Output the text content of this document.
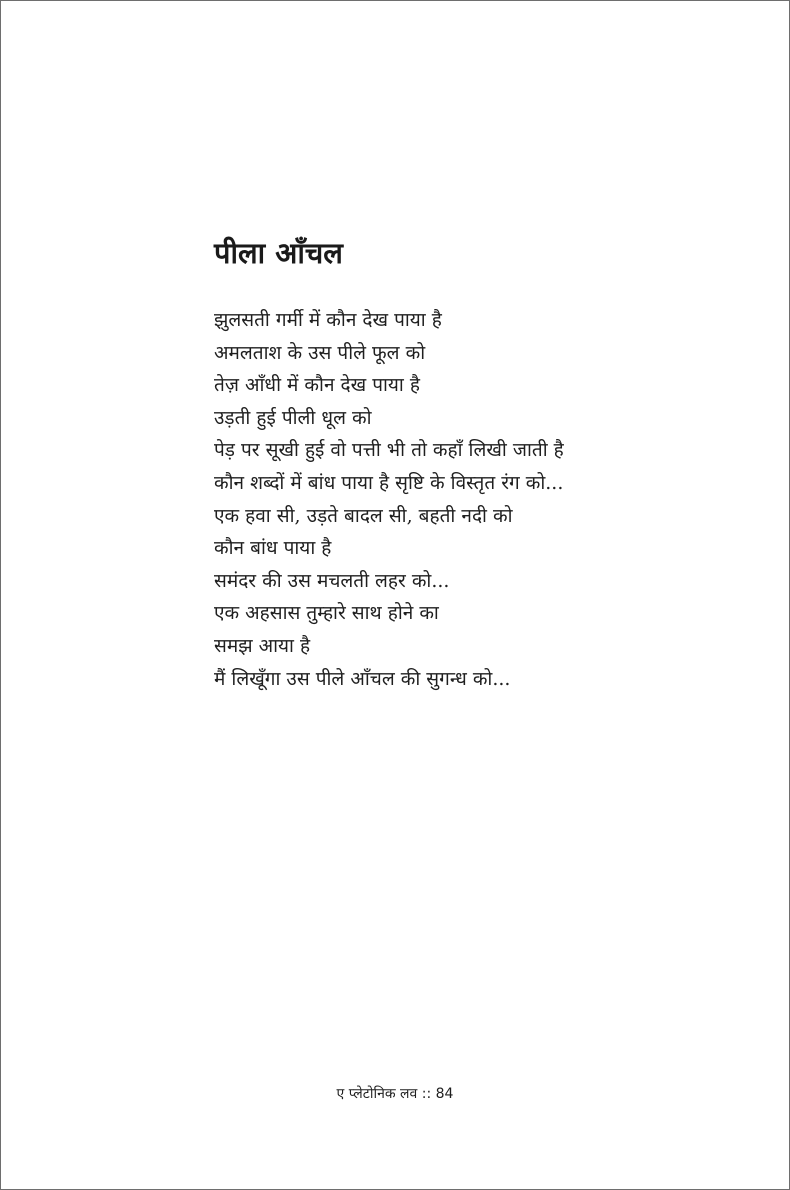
पीला आँचल
झुलसती गर्मी में कौन देख पाया है
अमलताश के उस पीले फूल को
तेज़ आँधी में कौन देख पाया है
उड़ती हुई पीली धूल को
पेड़ पर सूखी हुई वो पत्ती भी तो कहाँ लिखी जाती है
कौन शब्दों में बांध पाया है सृष्टि के विस्तृत रंग को...
एक हवा सी, उड़ते बादल सी, बहती नदी को
कौन बांध पाया है
समंदर की उस मचलती लहर को...
एक अहसास तुम्हारे साथ होने का
समझ आया है
मैं लिखूँगा उस पीले आँचल की सुगन्ध को...
ए प्लेटोनिक लव :: 84
